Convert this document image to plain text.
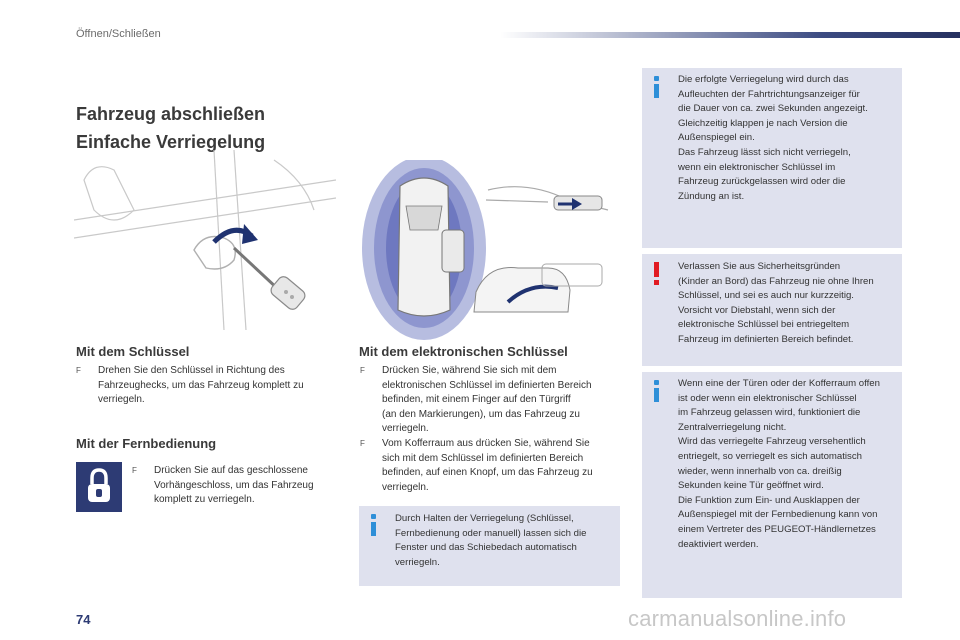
Öffnen/Schließen
Fahrzeug abschließen
Einfache Verriegelung
Mit dem Schlüssel
F Drehen Sie den Schlüssel in Richtung des
Fahrzeughecks, um das Fahrzeug komplett zu
verriegeln.
Mit der Fernbedienung
F Drücken Sie auf das geschlossene
Vorhängeschloss, um das Fahrzeug
komplett zu verriegeln.
Mit dem elektronischen Schlüssel
F Drücken Sie, während Sie sich mit dem
elektronischen Schlüssel im definierten Bereich
befinden, mit einem Finger auf den Türgriff
(an den Markierungen), um das Fahrzeug zu
verriegeln.
F Vom Kofferraum aus drücken Sie, während Sie
sich mit dem Schlüssel im definierten Bereich
befinden, auf einen Knopf, um das Fahrzeug zu
verriegeln.
Durch Halten der Verriegelung (Schlüssel,
Fernbedienung oder manuell) lassen sich die
Fenster und das Schiebedach automatisch
verriegeln.
Die erfolgte Verriegelung wird durch das
Aufleuchten der Fahrtrichtungsanzeiger für
die Dauer von ca. zwei Sekunden angezeigt.
Gleichzeitig klappen je nach Version die
Außenspiegel ein.
Das Fahrzeug lässt sich nicht verriegeln,
wenn ein elektronischer Schlüssel im
Fahrzeug zurückgelassen wird oder die
Zündung an ist.
Verlassen Sie aus Sicherheitsgründen
(Kinder an Bord) das Fahrzeug nie ohne Ihren
Schlüssel, und sei es auch nur kurzzeitig.
Vorsicht vor Diebstahl, wenn sich der
elektronische Schlüssel bei entriegeltem
Fahrzeug im definierten Bereich befindet.
Wenn eine der Türen oder der Kofferraum offen
ist oder wenn ein elektronischer Schlüssel
im Fahrzeug gelassen wird, funktioniert die
Zentralverriegelung nicht.
Wird das verriegelte Fahrzeug versehentlich
entriegelt, so verriegelt es sich automatisch
wieder, wenn innerhalb von ca. dreißig
Sekunden keine Tür geöffnet wird.
Die Funktion zum Ein- und Ausklappen der
Außenspiegel mit der Fernbedienung kann von
einem Vertreter des PEUGEOT-Händlernetzes
deaktiviert werden.
74	carmanualsonline.info
